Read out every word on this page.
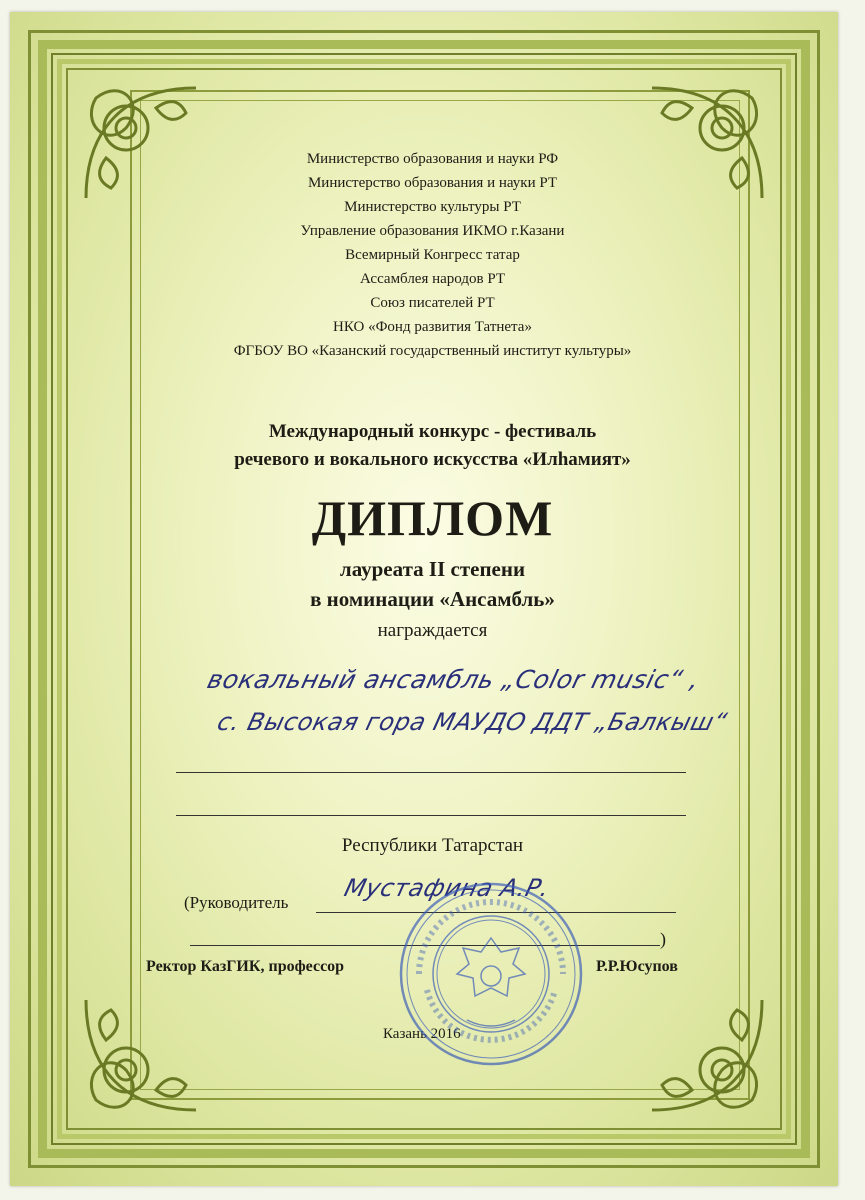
Министерство образования и науки РФ
Министерство образования и науки РТ
Министерство культуры РТ
Управление образования ИКМО г.Казани
Всемирный Конгресс татар
Ассамблея народов РТ
Союз писателей РТ
НКО «Фонд развития Татнета»
ФГБОУ ВО «Казанский государственный институт культуры»
Международный конкурс - фестиваль
речевого и вокального искусства «Илhамият»
ДИПЛОМ
лауреата II степени
в номинации «Ансамбль»
награждается
вокальный ансамбль „Color music“ ,
с. Высокая гора МАУДО ДДТ „Балкыш“
Республики Татарстан
(Руководитель
Мустафина А.Р.
)
Ректор КазГИК, профессор	Р.Р.Юсупов
Казань 2016
